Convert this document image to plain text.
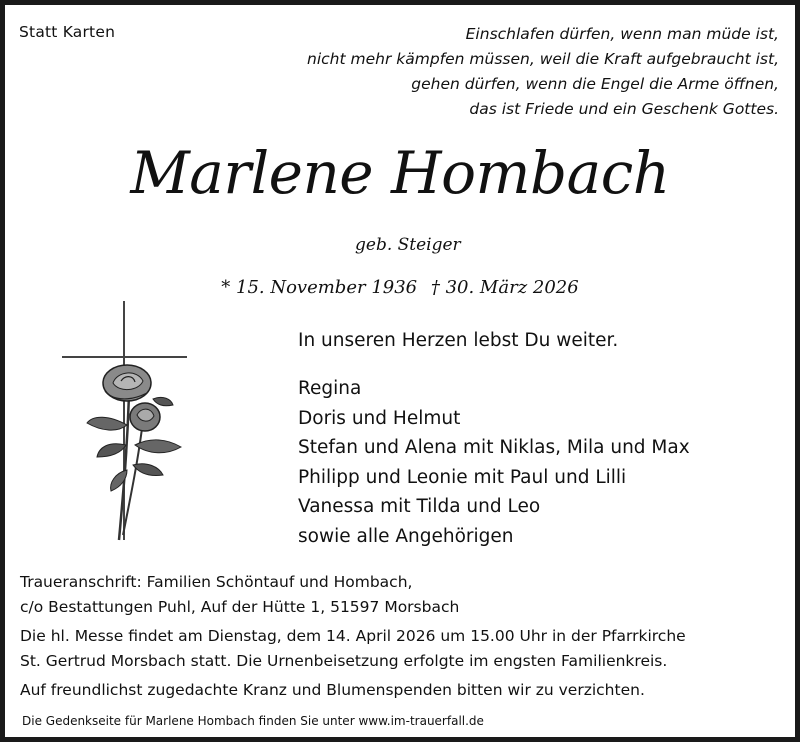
Statt Karten	Einschlafen dürfen, wenn man müde ist,
nicht mehr kämpfen müssen, weil die Kraft aufgebraucht ist,
gehen dürfen, wenn die Engel die Arme öffnen,
das ist Friede und ein Geschenk Gottes.
Marlene Hombach
geb. Steiger
* 15. November 1936 † 30. März 2026
In unseren Herzen lebst Du weiter.
Regina
Doris und Helmut
Stefan und Alena mit Niklas, Mila und Max
Philipp und Leonie mit Paul und Lilli
Vanessa mit Tilda und Leo
sowie alle Angehörigen

Traueranschrift: Familien Schöntauf und Hombach,

c/o Bestattungen Puhl, Auf der Hütte 1, 51597 Morsbach

Die hl. Messe findet am Dienstag, dem 14. April 2026 um 15.00 Uhr in der Pfarrkirche

St. Gertrud Morsbach statt. Die Urnenbeisetzung erfolgte im engsten Familienkreis.

Auf freundlichst zugedachte Kranz und Blumenspenden bitten wir zu verzichten.

Die Gedenkseite für Marlene Hombach finden Sie unter www.im-trauerfall.de
